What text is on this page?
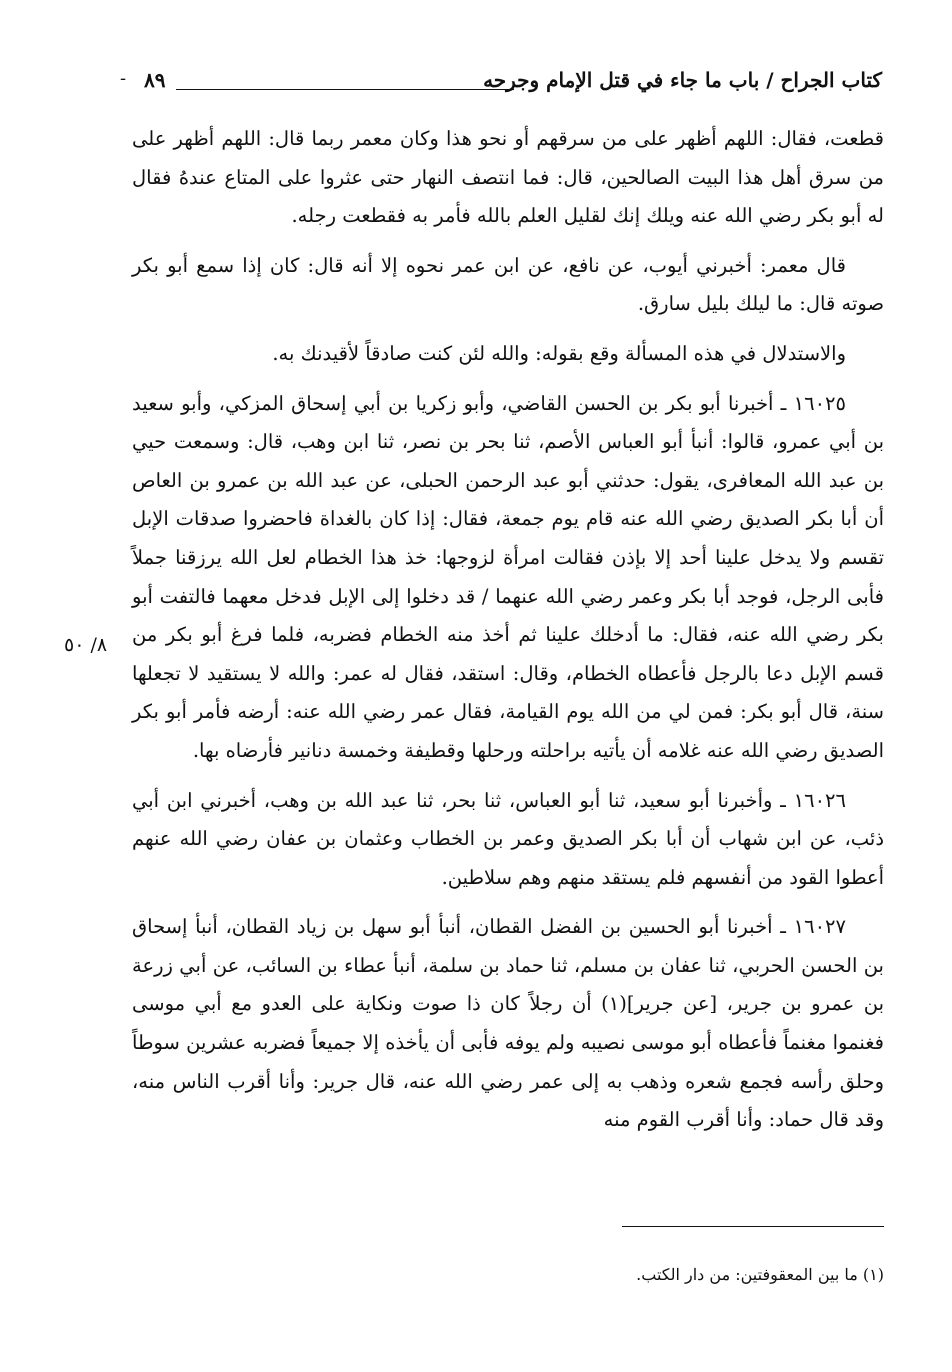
- ٨٩	كتاب الجراح / باب ما جاء في قتل الإمام وجرحه
٨/ ٥٠

قطعت، فقال: اللهم أظهر على من سرقهم أو نحو هذا وكان معمر ربما قال: اللهم أظهر على من سرق أهل هذا البيت الصالحين، قال: فما انتصف النهار حتى عثروا على المتاع عندهُ فقال له أبو بكر رضي الله عنه ويلك إنك لقليل العلم بالله فأمر به فقطعت رجله.

قال معمر: أخبرني أيوب، عن نافع، عن ابن عمر نحوه إلا أنه قال: كان إذا سمع أبو بكر صوته قال: ما ليلك بليل سارق.

والاستدلال في هذه المسألة وقع بقوله: والله لئن كنت صادقاً لأقيدنك به.

١٦٠٢٥ ـ أخبرنا أبو بكر بن الحسن القاضي، وأبو زكريا بن أبي إسحاق المزكي، وأبو سعيد بن أبي عمرو، قالوا: أنبأ أبو العباس الأصم، ثنا بحر بن نصر، ثنا ابن وهب، قال: وسمعت حيي بن عبد الله المعافرى، يقول: حدثني أبو عبد الرحمن الحبلى، عن عبد الله بن عمرو بن العاص أن أبا بكر الصديق رضي الله عنه قام يوم جمعة، فقال: إذا كان بالغداة فاحضروا صدقات الإبل تقسم ولا يدخل علينا أحد إلا بإذن فقالت امرأة لزوجها: خذ هذا الخطام لعل الله يرزقنا جملاً فأبى الرجل، فوجد أبا بكر وعمر رضي الله عنهما / قد دخلوا إلى الإبل فدخل معهما فالتفت أبو بكر رضي الله عنه، فقال: ما أدخلك علينا ثم أخذ منه الخطام فضربه، فلما فرغ أبو بكر من قسم الإبل دعا بالرجل فأعطاه الخطام، وقال: استقد، فقال له عمر: والله لا يستقيد لا تجعلها سنة، قال أبو بكر: فمن لي من الله يوم القيامة، فقال عمر رضي الله عنه: أرضه فأمر أبو بكر الصديق رضي الله عنه غلامه أن يأتيه براحلته ورحلها وقطيفة وخمسة دنانير فأرضاه بها.

١٦٠٢٦ ـ وأخبرنا أبو سعيد، ثنا أبو العباس، ثنا بحر، ثنا عبد الله بن وهب، أخبرني ابن أبي ذئب، عن ابن شهاب أن أبا بكر الصديق وعمر بن الخطاب وعثمان بن عفان رضي الله عنهم أعطوا القود من أنفسهم فلم يستقد منهم وهم سلاطين.

١٦٠٢٧ ـ أخبرنا أبو الحسين بن الفضل القطان، أنبأ أبو سهل بن زياد القطان، أنبأ إسحاق بن الحسن الحربي، ثنا عفان بن مسلم، ثنا حماد بن سلمة، أنبأ عطاء بن السائب، عن أبي زرعة بن عمرو بن جرير، [عن جرير](١) أن رجلاً كان ذا صوت ونكاية على العدو مع أبي موسى فغنموا مغنماً فأعطاه أبو موسى نصيبه ولم يوفه فأبى أن يأخذه إلا جميعاً فضربه عشرين سوطاً وحلق رأسه فجمع شعره وذهب به إلى عمر رضي الله عنه، قال جرير: وأنا أقرب الناس منه، وقد قال حماد: وأنا أقرب القوم منه

(١) ما بين المعقوفتين: من دار الكتب.
